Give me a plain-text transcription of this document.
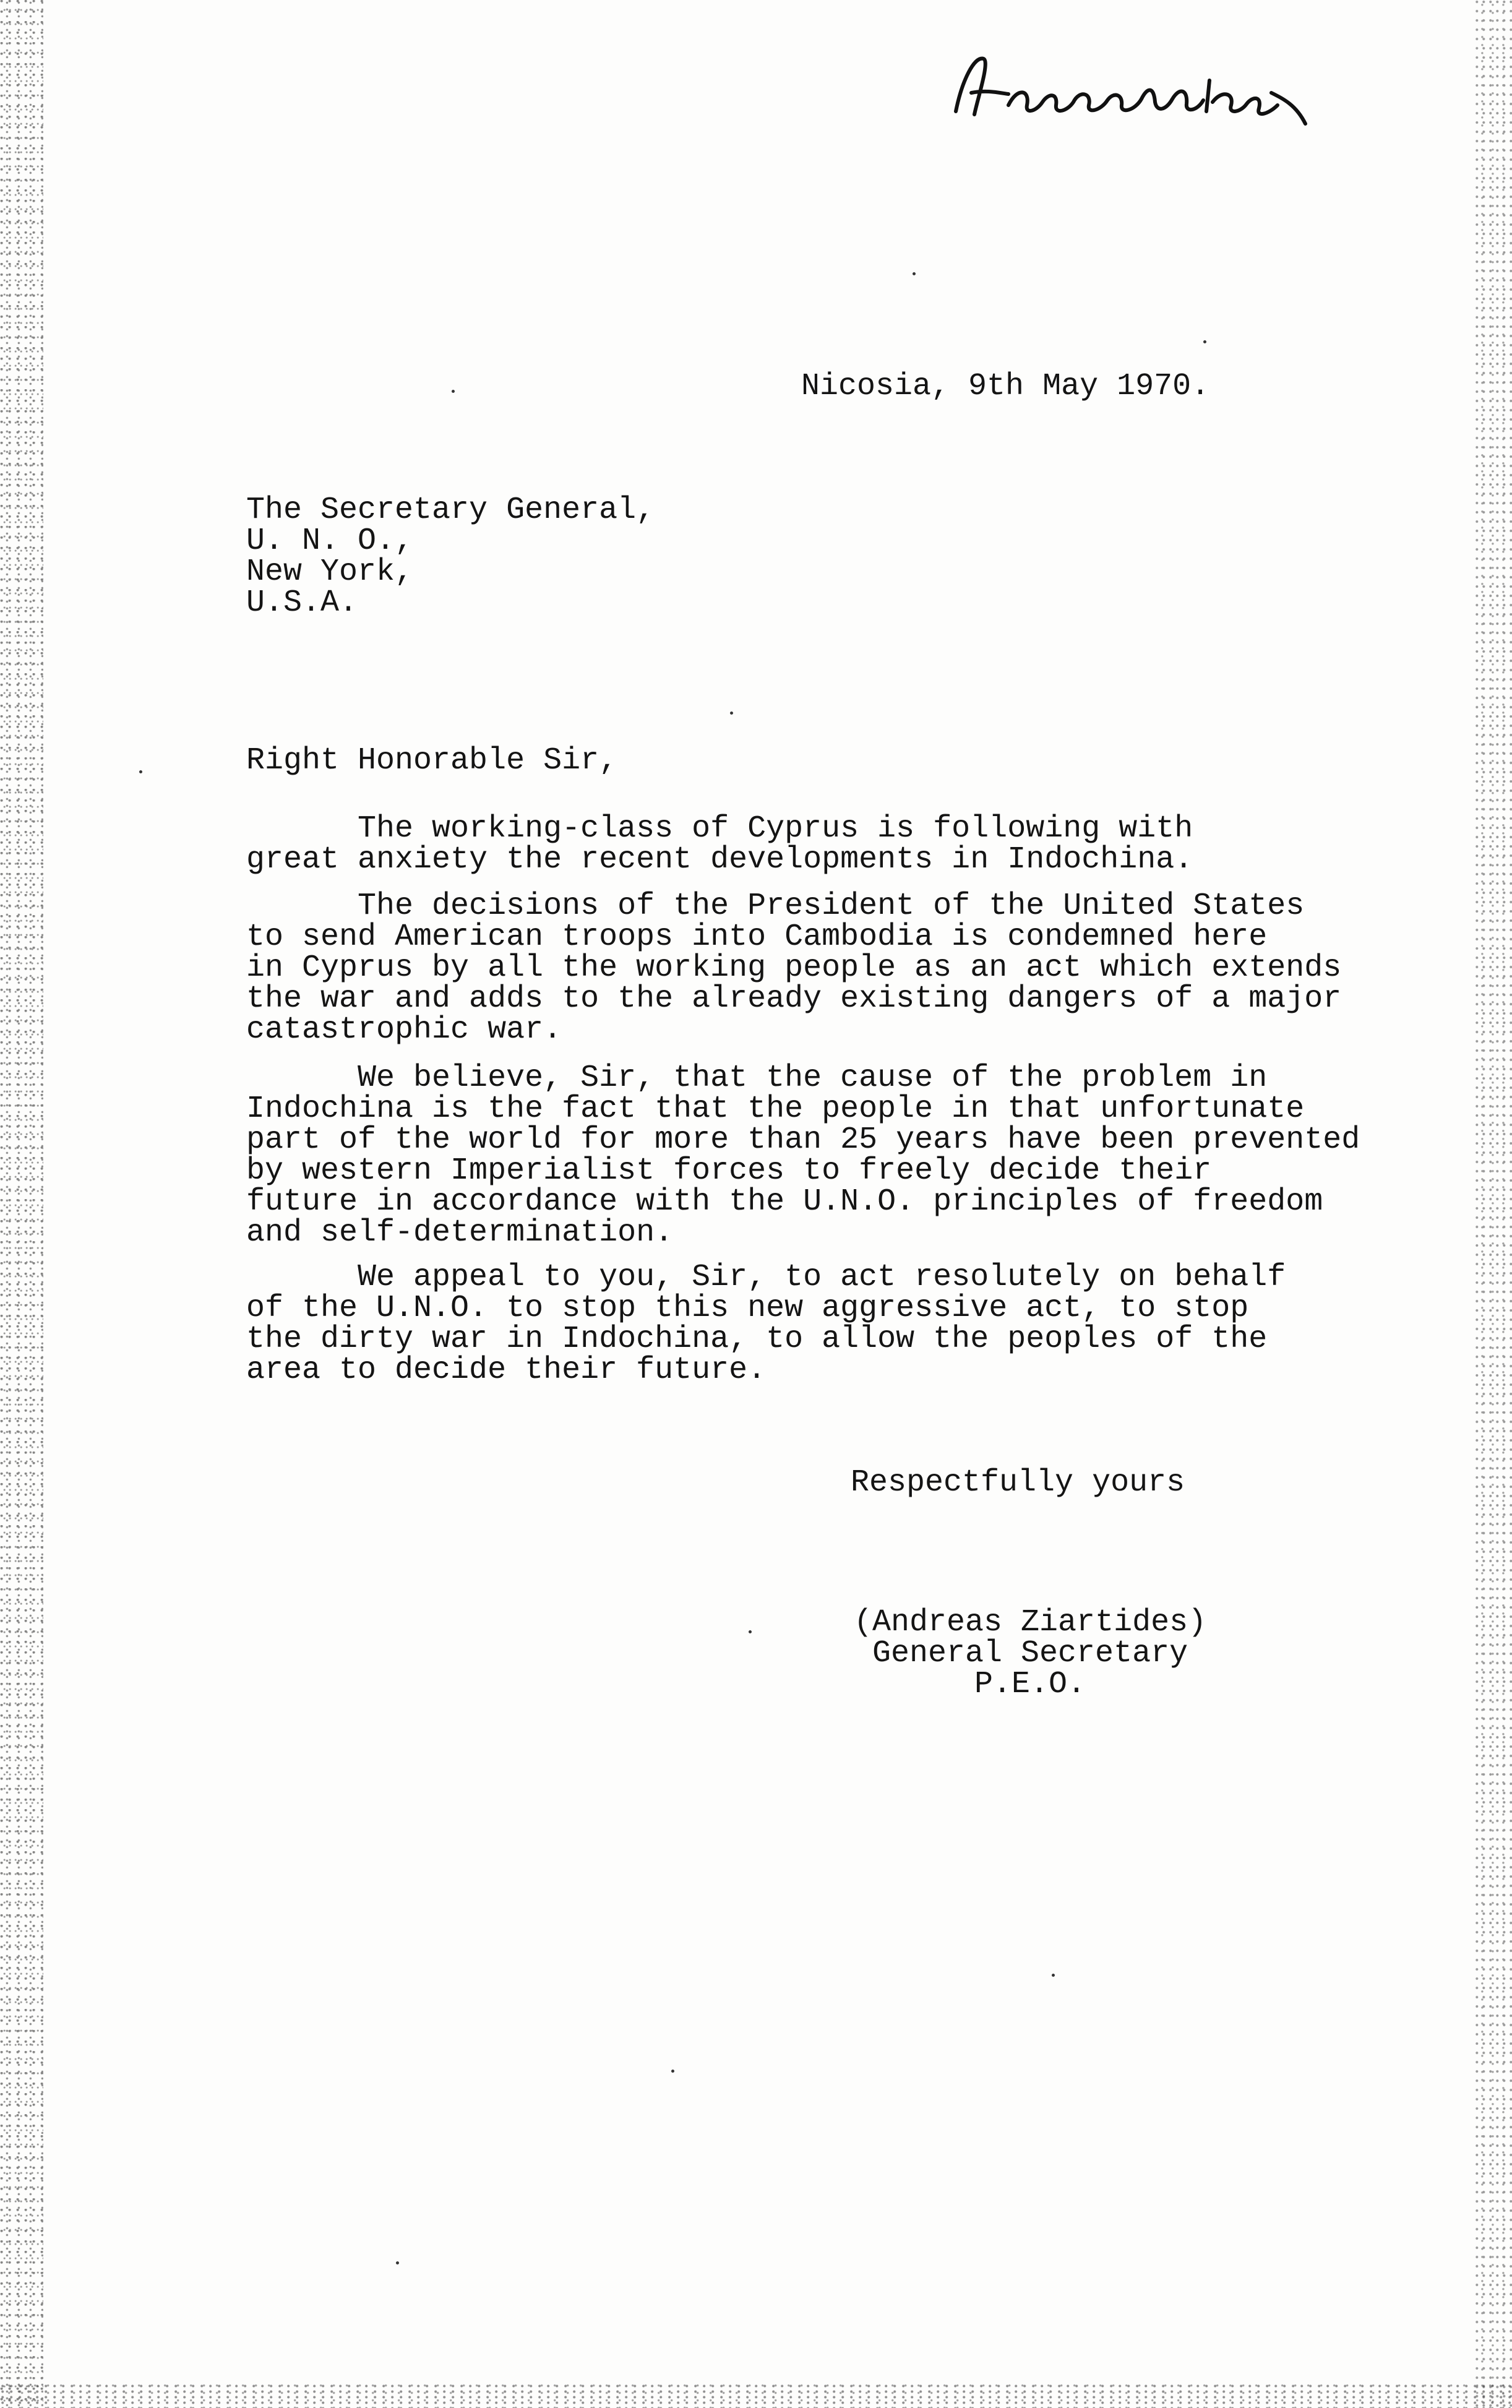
Nicosia, 9th May 1970.

The Secretary General,
U. N. O.,
New York,
U.S.A.

Right Honorable Sir,

The working-class of Cyprus is following with
great anxiety the recent developments in Indochina.
The decisions of the President of the United States
to send American troops into Cambodia is condemned here
in Cyprus by all the working people as an act which extends
the war and adds to the already existing dangers of a major
catastrophic war.
We believe, Sir, that the cause of the problem in
Indochina is the fact that the people in that unfortunate
part of the world for more than 25 years have been prevented
by western Imperialist forces to freely decide their
future in accordance with the U.N.O. principles of freedom
and self-determination.
We appeal to you, Sir, to act resolutely on behalf
of the U.N.O. to stop this new aggressive act, to stop
the dirty war in Indochina, to allow the peoples of the
area to decide their future.

Respectfully yours

(Andreas Ziartides)
General Secretary
P.E.O.
